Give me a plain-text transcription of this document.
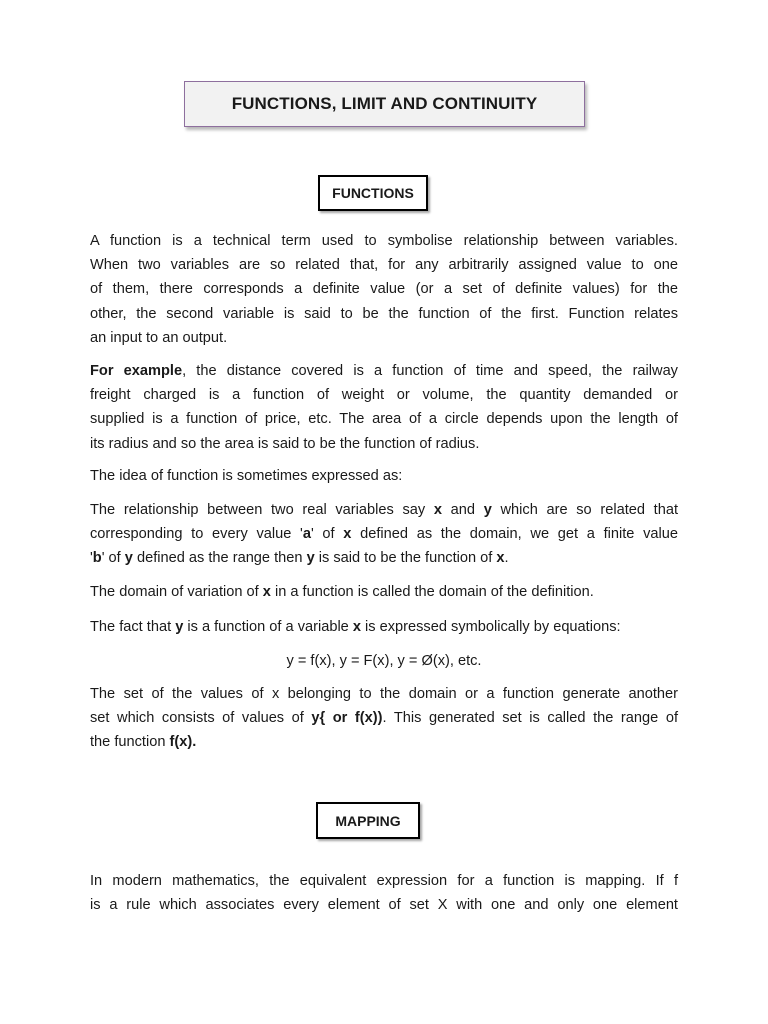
FUNCTIONS, LIMIT AND CONTINUITY
FUNCTIONS

A function is a technical term used to symbolise relationship between variables.
When two variables are so related that, for any arbitrarily assigned value to one
of them, there corresponds a definite value (or a set of definite values) for the
other, the second variable is said to be the function of the first. Function relates
an input to an output.

For example, the distance covered is a function of time and speed, the railway
freight charged is a function of weight or volume, the quantity demanded or
supplied is a function of price, etc. The area of a circle depends upon the length of
its radius and so the area is said to be the function of radius.

The idea of function is sometimes expressed as:

The relationship between two real variables say x and y which are so related that
corresponding to every value 'a' of x defined as the domain, we get a finite value
'b' of y defined as the range then y is said to be the function of x.

The domain of variation of x in a function is called the domain of the definition.

The fact that y is a function of a variable x is expressed symbolically by equations:

y = f(x), y = F(x), y = Ø(x), etc.

The set of the values of x belonging to the domain or a function generate another
set which consists of values of y{ or f(x)). This generated set is called the range of
the function f(x).

MAPPING

In modern mathematics, the equivalent expression for a function is mapping. If f
is a rule which associates every element of set X with one and only one element
